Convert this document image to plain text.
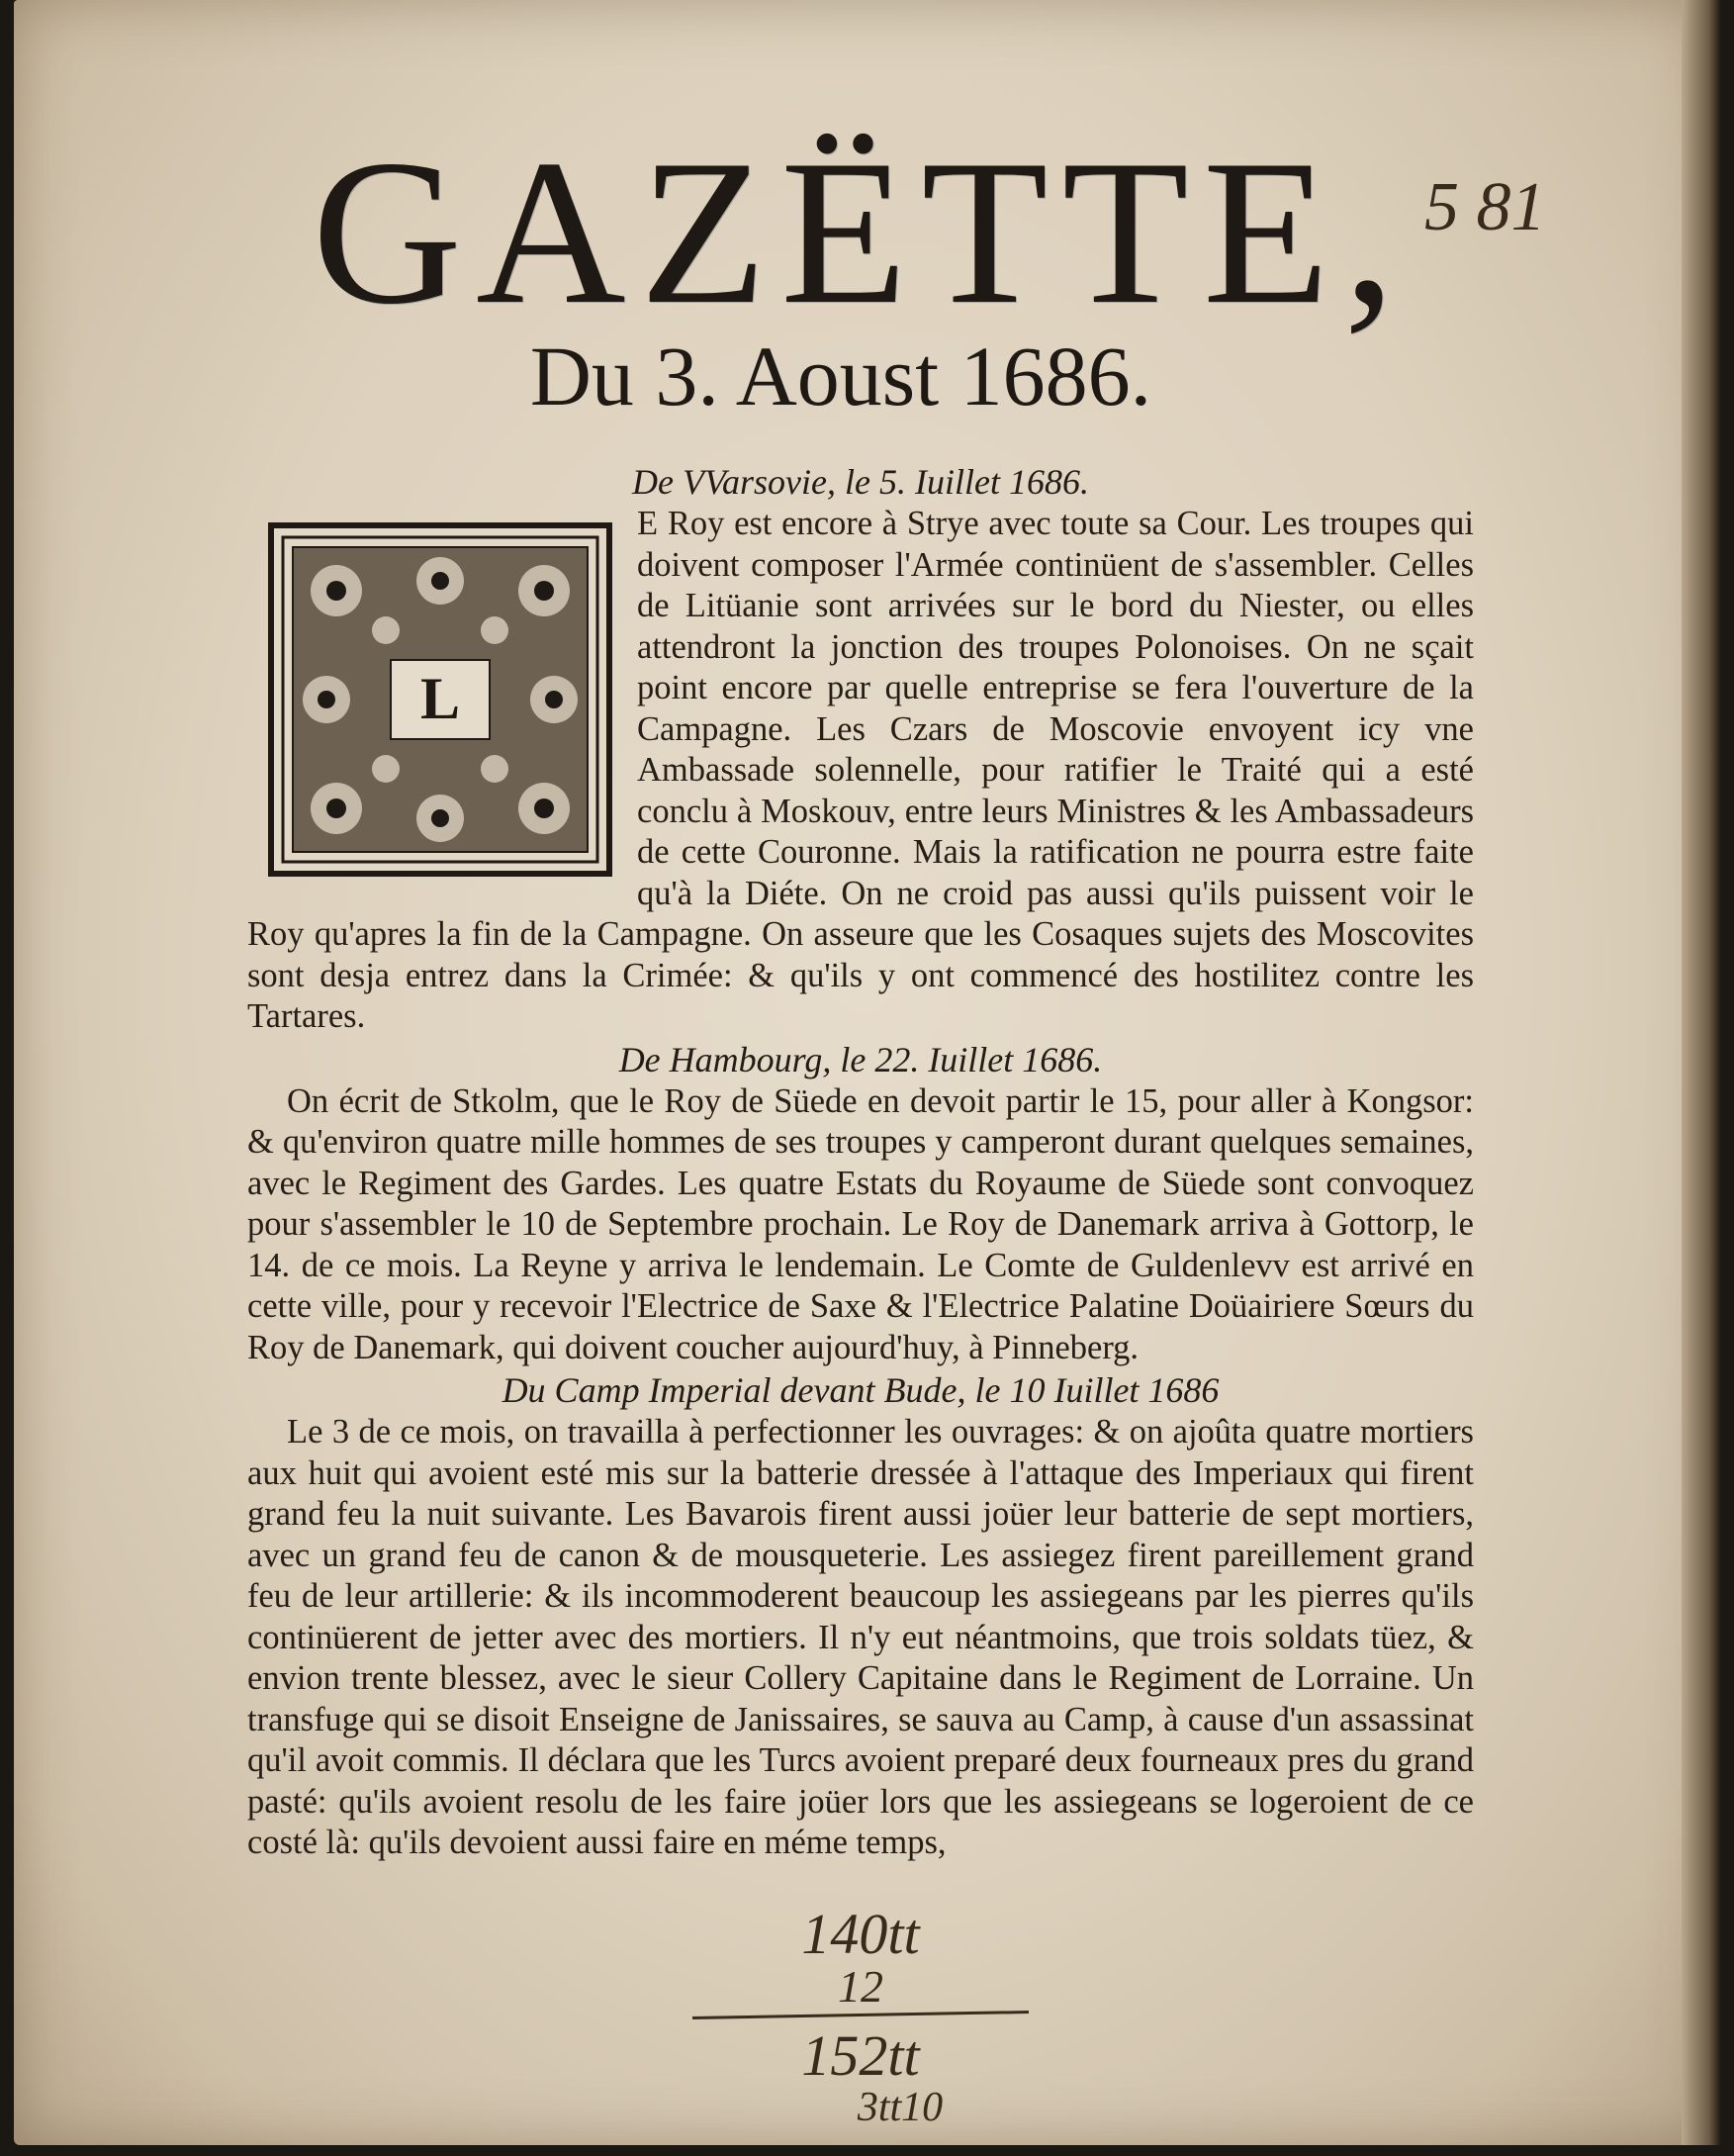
GAZËTTE,
Du 3. Aoust 1686.
5 81

De VVarsovie, le 5. Iuillet 1686.

L

E Roy est encore à Strye avec toute sa Cour. Les troupes qui doivent composer l'Armée continüent de s'assembler. Celles de Litüanie sont arrivées sur le bord du Niester, ou elles attendront la jonction des troupes Polonoises. On ne sçait point encore par quelle entreprise se fera l'ouverture de la Campagne. Les Czars de Moscovie envoyent icy vne Ambassade solennelle, pour ratifier le Traité qui a esté conclu à Moskouv, entre leurs Ministres & les Ambassadeurs de cette Couronne. Mais la ratification ne pourra estre faite qu'à la Diéte. On ne croid pas aussi qu'ils puissent voir le Roy qu'apres la fin de la Campagne. On asseure que les Cosaques sujets des Moscovites sont desja entrez dans la Crimée: & qu'ils y ont commencé des hostilitez contre les Tartares.

De Hambourg, le 22. Iuillet 1686.

On écrit de Stkolm, que le Roy de Süede en devoit partir le 15, pour aller à Kongsor: & qu'environ quatre mille hommes de ses troupes y camperont durant quelques semaines, avec le Regiment des Gardes. Les quatre Estats du Royaume de Süede sont convoquez pour s'assembler le 10 de Septembre prochain. Le Roy de Danemark arriva à Gottorp, le 14. de ce mois. La Reyne y arriva le lendemain. Le Comte de Guldenlevv est arrivé en cette ville, pour y recevoir l'Electrice de Saxe & l'Electrice Palatine Doüairiere Sœurs du Roy de Danemark, qui doivent coucher aujourd'huy, à Pinneberg.

Du Camp Imperial devant Bude, le 10 Iuillet 1686

Le 3 de ce mois, on travailla à perfectionner les ouvrages: & on ajoûta quatre mortiers aux huit qui avoient esté mis sur la batterie dressée à l'attaque des Imperiaux qui firent grand feu la nuit suivante. Les Bavarois firent aussi joüer leur batterie de sept mortiers, avec un grand feu de canon & de mousqueterie. Les assiegez firent pareillement grand feu de leur artillerie: & ils incommoderent beaucoup les assiegeans par les pierres qu'ils continüerent de jetter avec des mortiers. Il n'y eut néantmoins, que trois soldats tüez, & envion trente blessez, avec le sieur Collery Capitaine dans le Regiment de Lorraine. Un transfuge qui se disoit Enseigne de Janissaires, se sauva au Camp, à cause d'un assassinat qu'il avoit commis. Il déclara que les Turcs avoient preparé deux fourneaux pres du grand pasté: qu'ils avoient resolu de les faire joüer lors que les assiegeans se logeroient de ce costé là: qu'ils devoient aussi faire en méme temps,

140tt
12
152tt
3tt10
